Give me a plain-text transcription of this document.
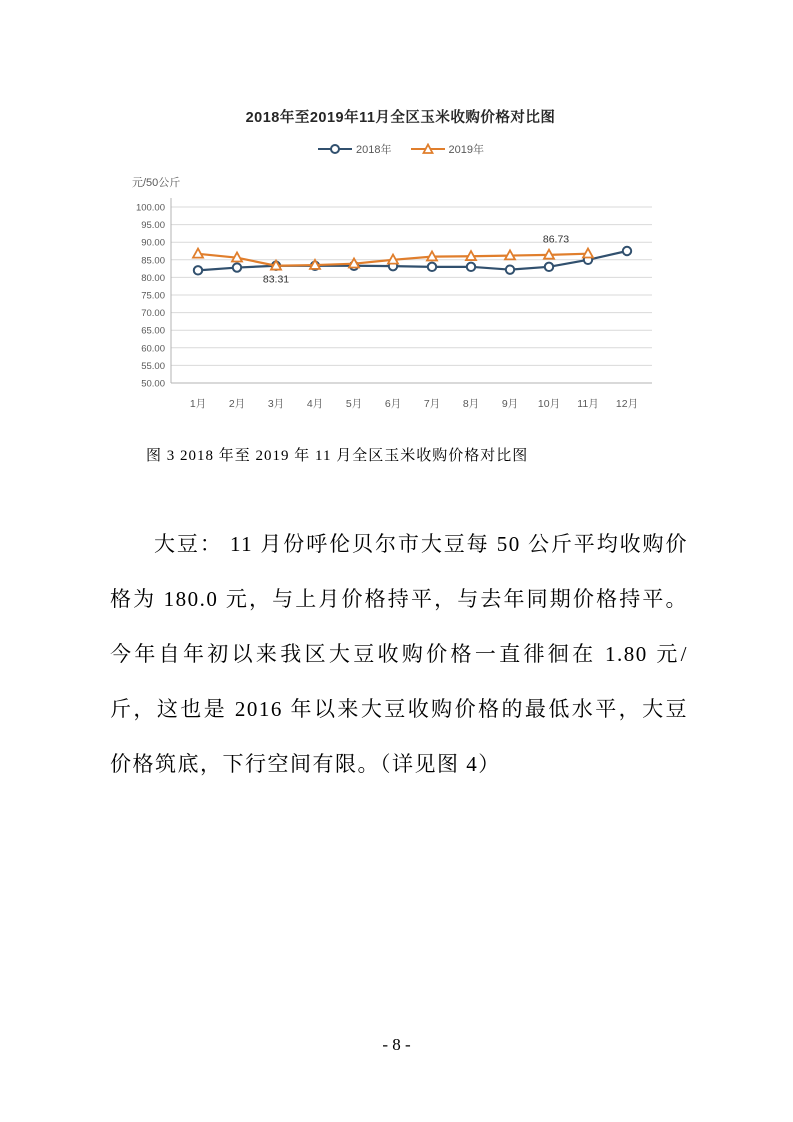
2018年至2019年11月全区玉米收购价格对比图
2018年	2019年
元/50公斤
50.00
55.00
60.00
65.00
70.00
75.00
80.00
85.00
90.00
95.00
100.00
1月 2月 3月 4月 5月 6月 7月 8月 9月 10月 11月 12月
83.31
86.73
图 3 2018 年至 2019 年 11 月全区玉米收购价格对比图
大豆： 11 月份呼伦贝尔市大豆每 50 公斤平均收购价格为 180.0 元，与上月价格持平，与去年同期价格持平。今年自年初以来我区大豆收购价格一直徘徊在 1.80 元/斤，这也是 2016 年以来大豆收购价格的最低水平，大豆价格筑底，下行空间有限。（详见图 4）
- 8 -
